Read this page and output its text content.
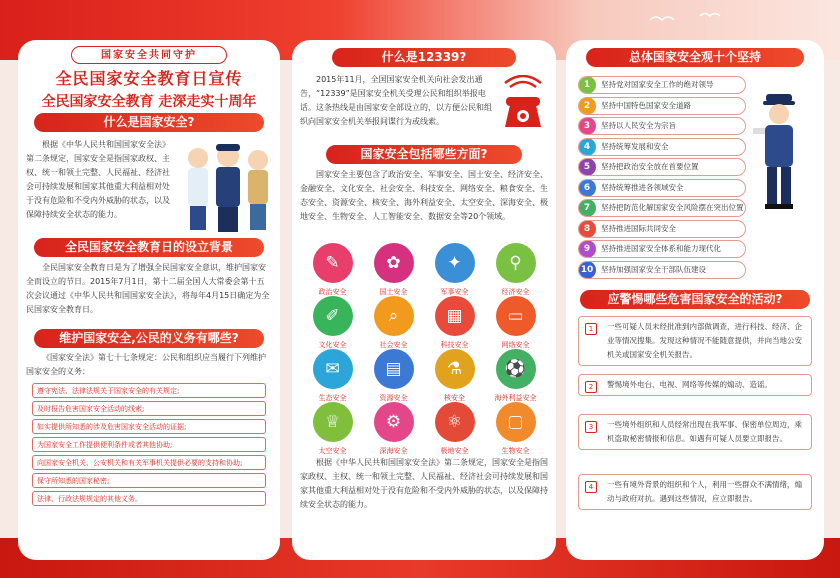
国家安全共同守护
全民国家安全教育日宣传
全民国家安全教育 走深走实十周年
什么是国家安全?
根据《中华人民共和国国家安全法》第二条规定，国家安全是指国家政权、主权、统一和领土完整、人民福祉、经济社会可持续发展和国家其他重大利益相对处于没有危险和不受内外威胁的状态，以及保障持续安全状态的能力。
全民国家安全教育日的设立背景
全民国家安全教育日是为了增强全民国家安全意识，维护国家安全而设立的节日。2015年7月1日，第十二届全国人大常委会第十五次会议通过《中华人民共和国国家安全法》，将每年4月15日确定为全民国家安全教育日。
维护国家安全,公民的义务有哪些?
《国家安全法》第七十七条规定：公民和组织应当履行下列维护国家安全的义务：
遵守宪法、法律法规关于国家安全的有关规定;
及时报告危害国家安全活动的线索;
如实提供所知悉的涉及危害国家安全活动的证据;
为国家安全工作提供便利条件或者其他协助;
向国家安全机关、公安机关和有关军事机关提供必要的支持和协助;
保守所知悉的国家秘密;
法律、行政法规规定的其他义务。
什么是12339?
2015年11月，全国国家安全机关向社会发出通告，“12339”是国家安全机关受理公民和组织举报电话。这条热线是由国家安全部设立的，以方便公民和组织向国家安全机关举报间谍行为或线索。
国家安全包括哪些方面?
国家安全主要包含了政治安全、军事安全、国土安全、经济安全、金融安全、文化安全、社会安全、科技安全、网络安全、粮食安全、生态安全、资源安全、核安全、海外利益安全、太空安全、深海安全、极地安全、生物安全、人工智能安全、数据安全等20个领域。
✎
政治安全
✿
国土安全
✦
军事安全
⚲
经济安全
✐
文化安全
⌕
社会安全
▦
科技安全
▭
网络安全
✉
生态安全
▤
资源安全
⚗
核安全
⚽
海外利益安全
♕
太空安全
⚙
深海安全
⚛
极地安全
▢
生物安全
根据《中华人民共和国国家安全法》第二条规定，国家安全是指国家政权、主权、统一和领土完整、人民福祉、经济社会可持续发展和国家其他重大利益相对处于没有危险和不受内外威胁的状态，以及保障持续安全状态的能力。
总体国家安全观十个坚持
1	坚持党对国家安全工作的绝对领导
2	坚持中国特色国家安全道路
3	坚持以人民安全为宗旨
4	坚持统筹发展和安全
5	坚持把政治安全放在首要位置
6	坚持统筹推进各领域安全
7	坚持把防范化解国家安全风险摆在突出位置
8	坚持推进国际共同安全
9	坚持推进国家安全体系和能力现代化
10	坚持加强国家安全干部队伍建设
应警惕哪些危害国家安全的活动?
1	一些可疑人员未经批准到内部做调查，进行科技、经济、企业等情况搜集。发现这种情况不能随意提供，并向当地公安机关或国家安全机关报告。
2	警惕境外电台、电视、网络等传媒的煽动、造谣。
3	一些境外组织和人员经常出现在我军事、保密单位周边，乘机盗取秘密情报和信息。如遇有可疑人员要立即报告。
4	一些有境外背景的组织和个人，利用一些群众不满情绪，煽动与政府对抗。遇到这些情况，应立即报告。
